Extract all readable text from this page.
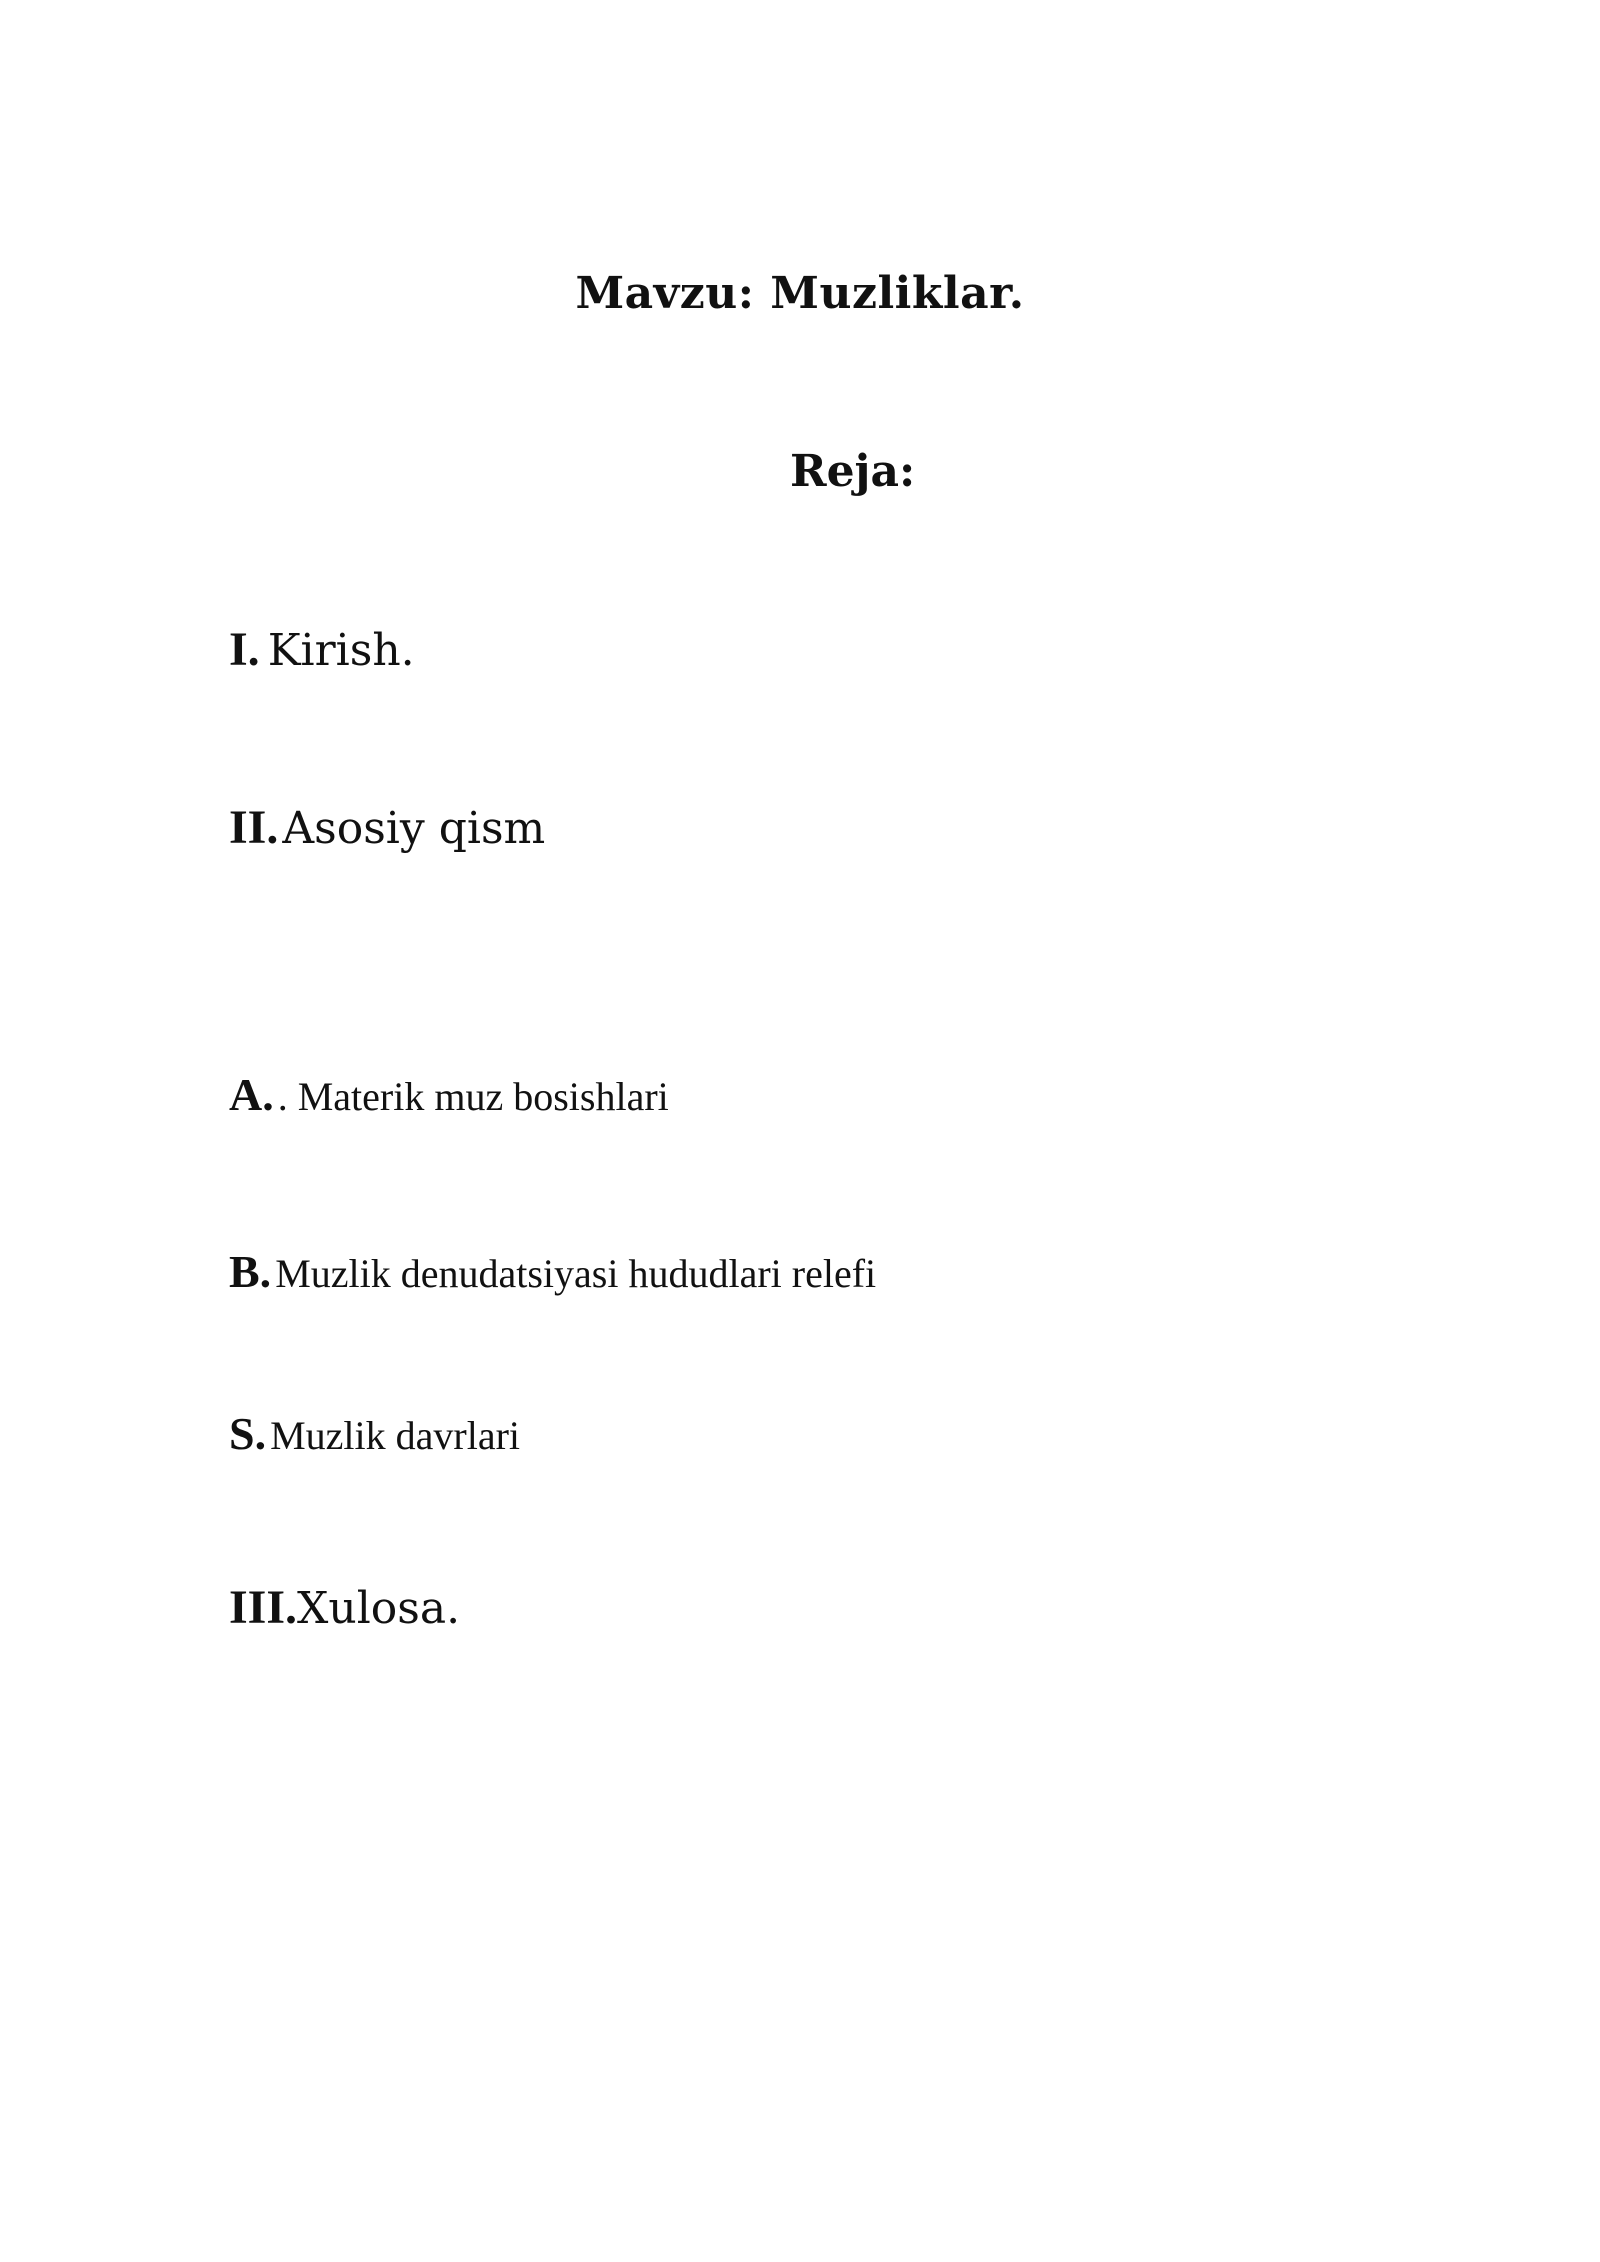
Mavzu: Muzliklar.
Reja:
I. Kirish.
II. Asosiy qism
A. . Materik muz bosishlari
B. Muzlik denudatsiyasi hududlari relefi
S. Muzlik davrlari
III.Xulosa.
